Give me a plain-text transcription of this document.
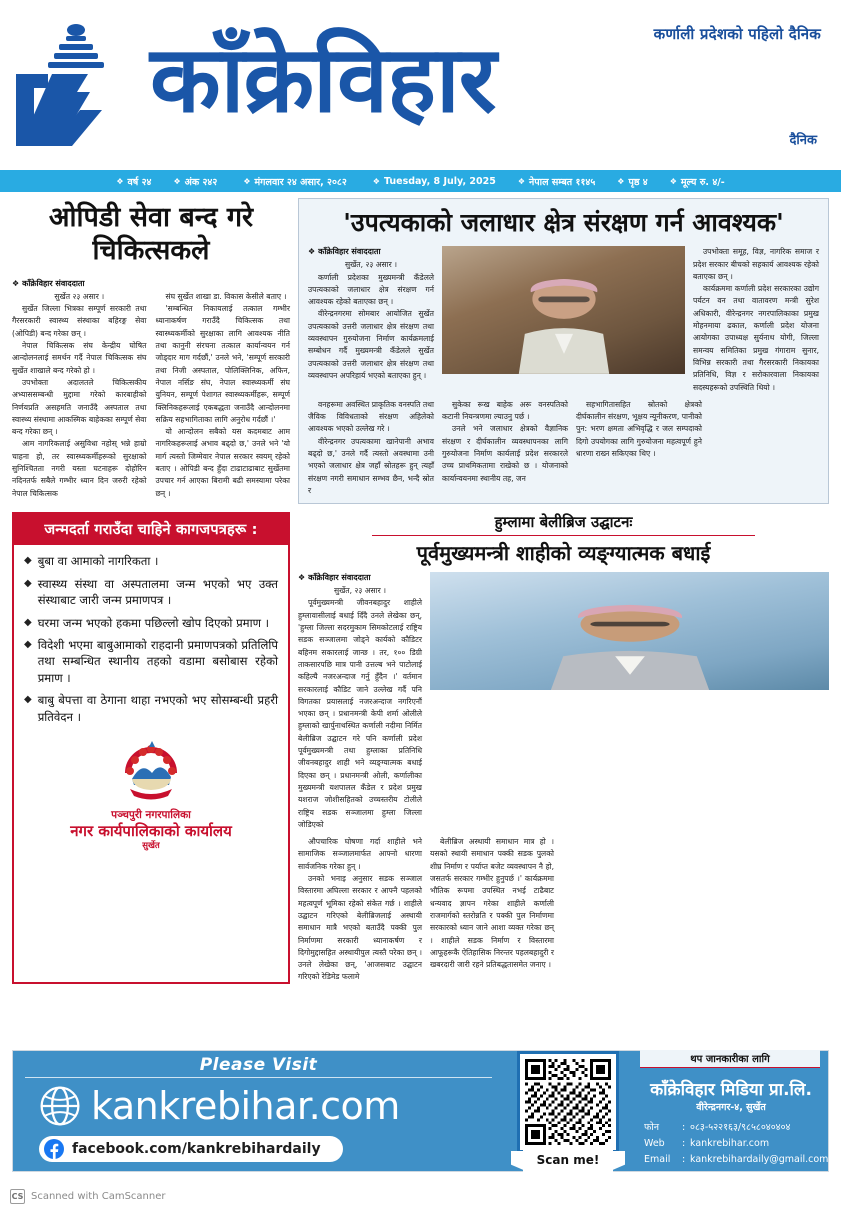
कर्णाली प्रदेशको पहिलो दैनिक
काँक्रेविहार
दैनिक
❖ वर्ष २४	❖ अंक २४२	❖ मंगलवार २४ असार, २०८२	❖ Tuesday, 8 July, 2025	❖ नेपाल सम्बत ११४५	❖ पृष्ठ ४	❖ मूल्य रु. ४/-
ओपिडी सेवा बन्द गरे चिकित्सकले
❖ काँक्रेविहार संवाददाता

सुर्खेत २३ असार ।

सुर्खेत जिल्ला भित्रका सम्पूर्ण सरकारी तथा गैरसरकारी स्वास्थ्य संस्थाका बहिरङ्ग सेवा (ओपिडी) बन्द गरेका छन् ।

नेपाल चिकित्सक संघ केन्द्रीय घोषित आन्दोलनलाई समर्थन गर्दै नेपाल चिकित्सक संघ सुर्खेत शाखाले बन्द गरेको हो ।

उपभोक्ता अदालतले चिकित्सकीय अभ्याससम्बन्धी मुद्दामा गरेको कारबाहीको निर्णयप्रति असहमति जनाउँदै अस्पताल तथा स्वास्थ्य संस्थामा आकस्मिक बाहेकका सम्पूर्ण सेवा बन्द गरेका छन् ।

आम नागरिकलाई असुविधा नहोस् भन्ने हाम्रो चाहना हो, तर स्वास्थ्यकर्मीहरूको सुरक्षाको सुनिश्चितता नगरी यस्ता घटनाहरू दोहोरिन नदिनतर्फ सबैले गम्भीर ध्यान दिन जरुरी रहेको नेपाल चिकित्सक

संघ सुर्खेत शाखा डा. विकास केसीले बताए ।

'सम्बन्धित निकायलाई तत्काल गम्भीर ध्यानाकर्षण गराउँदै चिकित्सक तथा स्वास्थ्यकर्मीको सुरक्षाका लागि आवश्यक नीति तथा कानुनी संरचना तत्काल कार्यान्वयन गर्न जोड्दार माग गर्दछौं,' उनले भने, 'सम्पूर्ण सरकारी तथा निजी अस्पताल, पोलिक्लिनिक, अफिन, नेपाल नर्सिङ संघ, नेपाल स्वास्थ्यकर्मी संघ युनियन, सम्पूर्ण पेशागत स्वास्थ्यकर्मीहरू, सम्पूर्ण क्लिनिकहरूलाई एकबद्धता जनाउँदै आन्दोलनमा सक्रिय सहभागिताका लागि अनुरोध गर्दछौं ।'

यो आन्दोलन सबैको यस कदमबाट आम नागरिकहरूलाई अभाव बढ्दो छ,' उनले भने 'यो मार्ग त्यस्तो जिम्मेवार नेपाल सरकार स्वयम् रहेको बताए । ओपिडी बन्द हुँदा टाढाटाढाबाट सुर्खेतमा उपचार गर्न आएका बिरामी बढी समस्यामा परेका छन् ।

'उपत्यकाको जलाधार क्षेत्र संरक्षण गर्न आवश्यक'
❖ काँक्रेविहार संवाददाता

सुर्खेत, २३ असार ।

कर्णाली प्रदेशका मुख्यमन्त्री कँडेलले उपत्यकाको जलाधार क्षेत्र संरक्षण गर्न आवश्यक रहेको बताएका छन् ।

वीरेन्द्रनगरमा सोमबार आयोजित सुर्खेत उपत्यकाको उत्तरी जलाधार क्षेत्र संरक्षण तथा व्यवस्थापन गुरुयोजना निर्माण कार्यक्रमलाई सम्बोधन गर्दै मुख्यमन्त्री कँडेलले सुर्खेत उपत्यकाको उत्तरी जलाधार क्षेत्र संरक्षण तथा व्यवस्थापन अपरिहार्य भएको बताएका हुन् ।

उपभोक्ता समूह, विज्ञ, नागरिक समाज र प्रदेश सरकार बीचको सहकार्य आवश्यक रहेको बताएका छन् ।

कार्यक्रममा कर्णाली प्रदेश सरकारका उद्योग पर्यटन वन तथा वातावरण मन्त्री सुरेश अधिकारी, वीरेन्द्रनगर नगरपालिकाका प्रमुख मोहनमाया ढकाल, कर्णाली प्रदेश योजना आयोगका उपाध्यक्ष सुर्यनाथ योगी, जिल्ला समन्वय समितिका प्रमुख गंगाराम सुनार, विभिन्न सरकारी तथा गैरसरकारी निकायका प्रतिनिधि, विज्ञ र सरोकारवाला निकायका सदस्यहरूको उपस्थिति थियो ।

वनहरूमा अवस्थित प्राकृतिक वनस्पति तथा जैविक विविधताको संरक्षण अहिलेको आवश्यक भएको उल्लेख गरे ।

वीरेन्द्रनगर उपत्यकामा खानेपानी अभाव बढ्दो छ,' उनले गर्दै त्यस्तो अवस्थामा उनी भएको जलाधार क्षेत्र जहाँ स्रोतहरू हुन् त्यहाँ संरक्षण नगरी समाधान सम्भव छैन, भन्दै स्रोत र

सुकेका रूख बाहेक अरू वनस्पतिको कटानी नियन्त्रणमा ल्याउनु पर्छ ।

उनले भने जलाधार क्षेत्रको वैज्ञानिक संरक्षण र दीर्घकालीन व्यवस्थापनका लागि गुरुयोजना निर्माण कार्यलाई प्रदेश सरकारले उच्च प्राथमिकतामा राखेको छ । योजनाको कार्यान्वयनमा स्थानीय तह, जन

सहभागितासहित स्रोतको क्षेत्रको दीर्घकालीन संरक्षण, भूक्षय न्यूनीकरण, पानीको पुन: भरण क्षमता अभिवृद्धि र जल सम्पदाको दिगो उपयोगका लागि गुरुयोजना महत्वपूर्ण हुने धारणा राख्न सकिएका थिए ।

जन्मदर्ता गराउँदा चाहिने कागजपत्रहरू :
◆ बुबा वा आमाको नागरिकता ।
◆ स्वास्थ्य संस्था वा अस्पतालमा जन्म भएको भए उक्त संस्थाबाट जारी जन्म प्रमाणपत्र ।
◆ घरमा जन्म भएको हकमा पछिल्लो खोप दिएको प्रमाण ।
◆ विदेशी भएमा बाबुआमाको राहदानी प्रमाणपत्रको प्रतिलिपि तथा सम्बन्धित स्थानीय तहको वडामा बसोबास रहेको प्रमाण ।
◆ बाबु बेपत्ता वा ठेगाना थाहा नभएको भए सोसम्बन्धी प्रहरी प्रतिवेदन ।
पञ्चपुरी नगरपालिका
नगर कार्यपालिकाको कार्यालय
सुर्खेत
हुम्लामा बेलीब्रिज उद्घाटनः
पूर्वमुख्यमन्त्री शाहीको व्यङ्ग्यात्मक बधाई
❖ काँक्रेविहार संवाददाता

सुर्खेत, २३ असार ।

पूर्वमुख्यमन्त्री जीवनबहादुर शाहीले हुम्लावासीलाई बधाई दिँदै उनले लेखेका छन्, 'हुम्ला जिल्ला सदरमुकाम सिमकोटलाई राष्ट्रिय सडक सञ्जालमा जोड्ने कार्यको कौडिटर बहिनम सकारलाई जान्छ । तर, १०० डिग्री ताकसारपछि मात्र पानी उत्तल्ब भने पाटोलाई कहिल्यै नजरअन्दाज गर्नु हुँदैन ।' वर्तमान सरकारलाई कौडिट जाने उल्लेख गर्दै पनि विगतका प्रयासलाई नजरअन्दाज नगरिएनौं भएका छन् । प्रधानमन्त्री केपी शर्मा ओलीले हुम्लाको खार्पुनाथस्थित कर्णाली नदीमा निर्मित बेलीब्रिज उद्घाटन गरे पनि कर्णाली प्रदेश पूर्वमुख्यमन्त्री तथा हुम्लाका प्रतिनिधि जीवनबहादुर शाही भने व्यङ्ग्यात्मक बधाई दिएका छन् । प्रधानमन्त्री ओली, कर्णालीका मुख्यमन्त्री यशपालल कँडेल र प्रदेश प्रमुख यशराज जोशीसहितको उच्चस्तरीय टोलीले राष्ट्रिय सडक सञ्जालमा हुम्ला जिल्ला जोडिएको

औपचारिक घोषणा गर्दा शाहीले भने सामाजिक सञ्जालमार्फत आफ्नो धारणा सार्वजनिक गरेका हुन् ।

उनको भनाइ अनुसार सडक सञ्जाल विस्तारमा अघिल्ला सरकार र आफ्नै पहलको महत्वपूर्ण भूमिका रहेको संकेत गर्छ । शाहीले उद्घाटन गरिएको बेलीब्रिजलाई अस्थायी समाधान मात्रै भएको बताउँदै पक्की पुल निर्माणमा सरकारी ध्यानाकर्षण र दिगोमुद्दासहित अस्थायीपुल त्यस्तै परेका छन् । उनले लेखेका छन्, 'आजसबाट उद्घाटन गरिएको रेडिमेड फलामे

बेलीब्रिज अस्थायी समाधान मात्र हो । यसको स्थायी समाधान पक्की सडक पुलको शीघ्र निर्माण र पर्याप्त बजेट व्यवस्थापन नै हो, जसतर्फ सरकार गम्भीर हुनुपर्छ ।' कार्यक्रममा भौतिक रूपमा उपस्थित नभई टाढैबाट धन्यवाद ज्ञापन गरेका शाहीले कर्णाली राजमार्गको स्तरोन्नति र पक्की पुल निर्माणमा सरकारको ध्यान जाने आशा व्यक्त गरेका छन् । शाहीले सडक निर्माण र विस्तारमा आफूहरूकै ऐतिहासिक निरन्तर पहलबहादुरी र खबरदारी जारी रहने प्रतिबद्धतासमेत जनाए ।

Please Visit
kankrebihar.com
facebook.com/kankrebihardaily
Scan me!
थप जानकारीका लागि
काँक्रेविहार मिडिया प्रा.लि.
वीरेन्द्रनगर-४, सुर्खेत
फोन	: ०८३-५२२१६३/९८५८०४०४०४
Web	: kankrebihar.com
Email	: kankrebihardaily@gmail.com
CS Scanned with CamScanner
